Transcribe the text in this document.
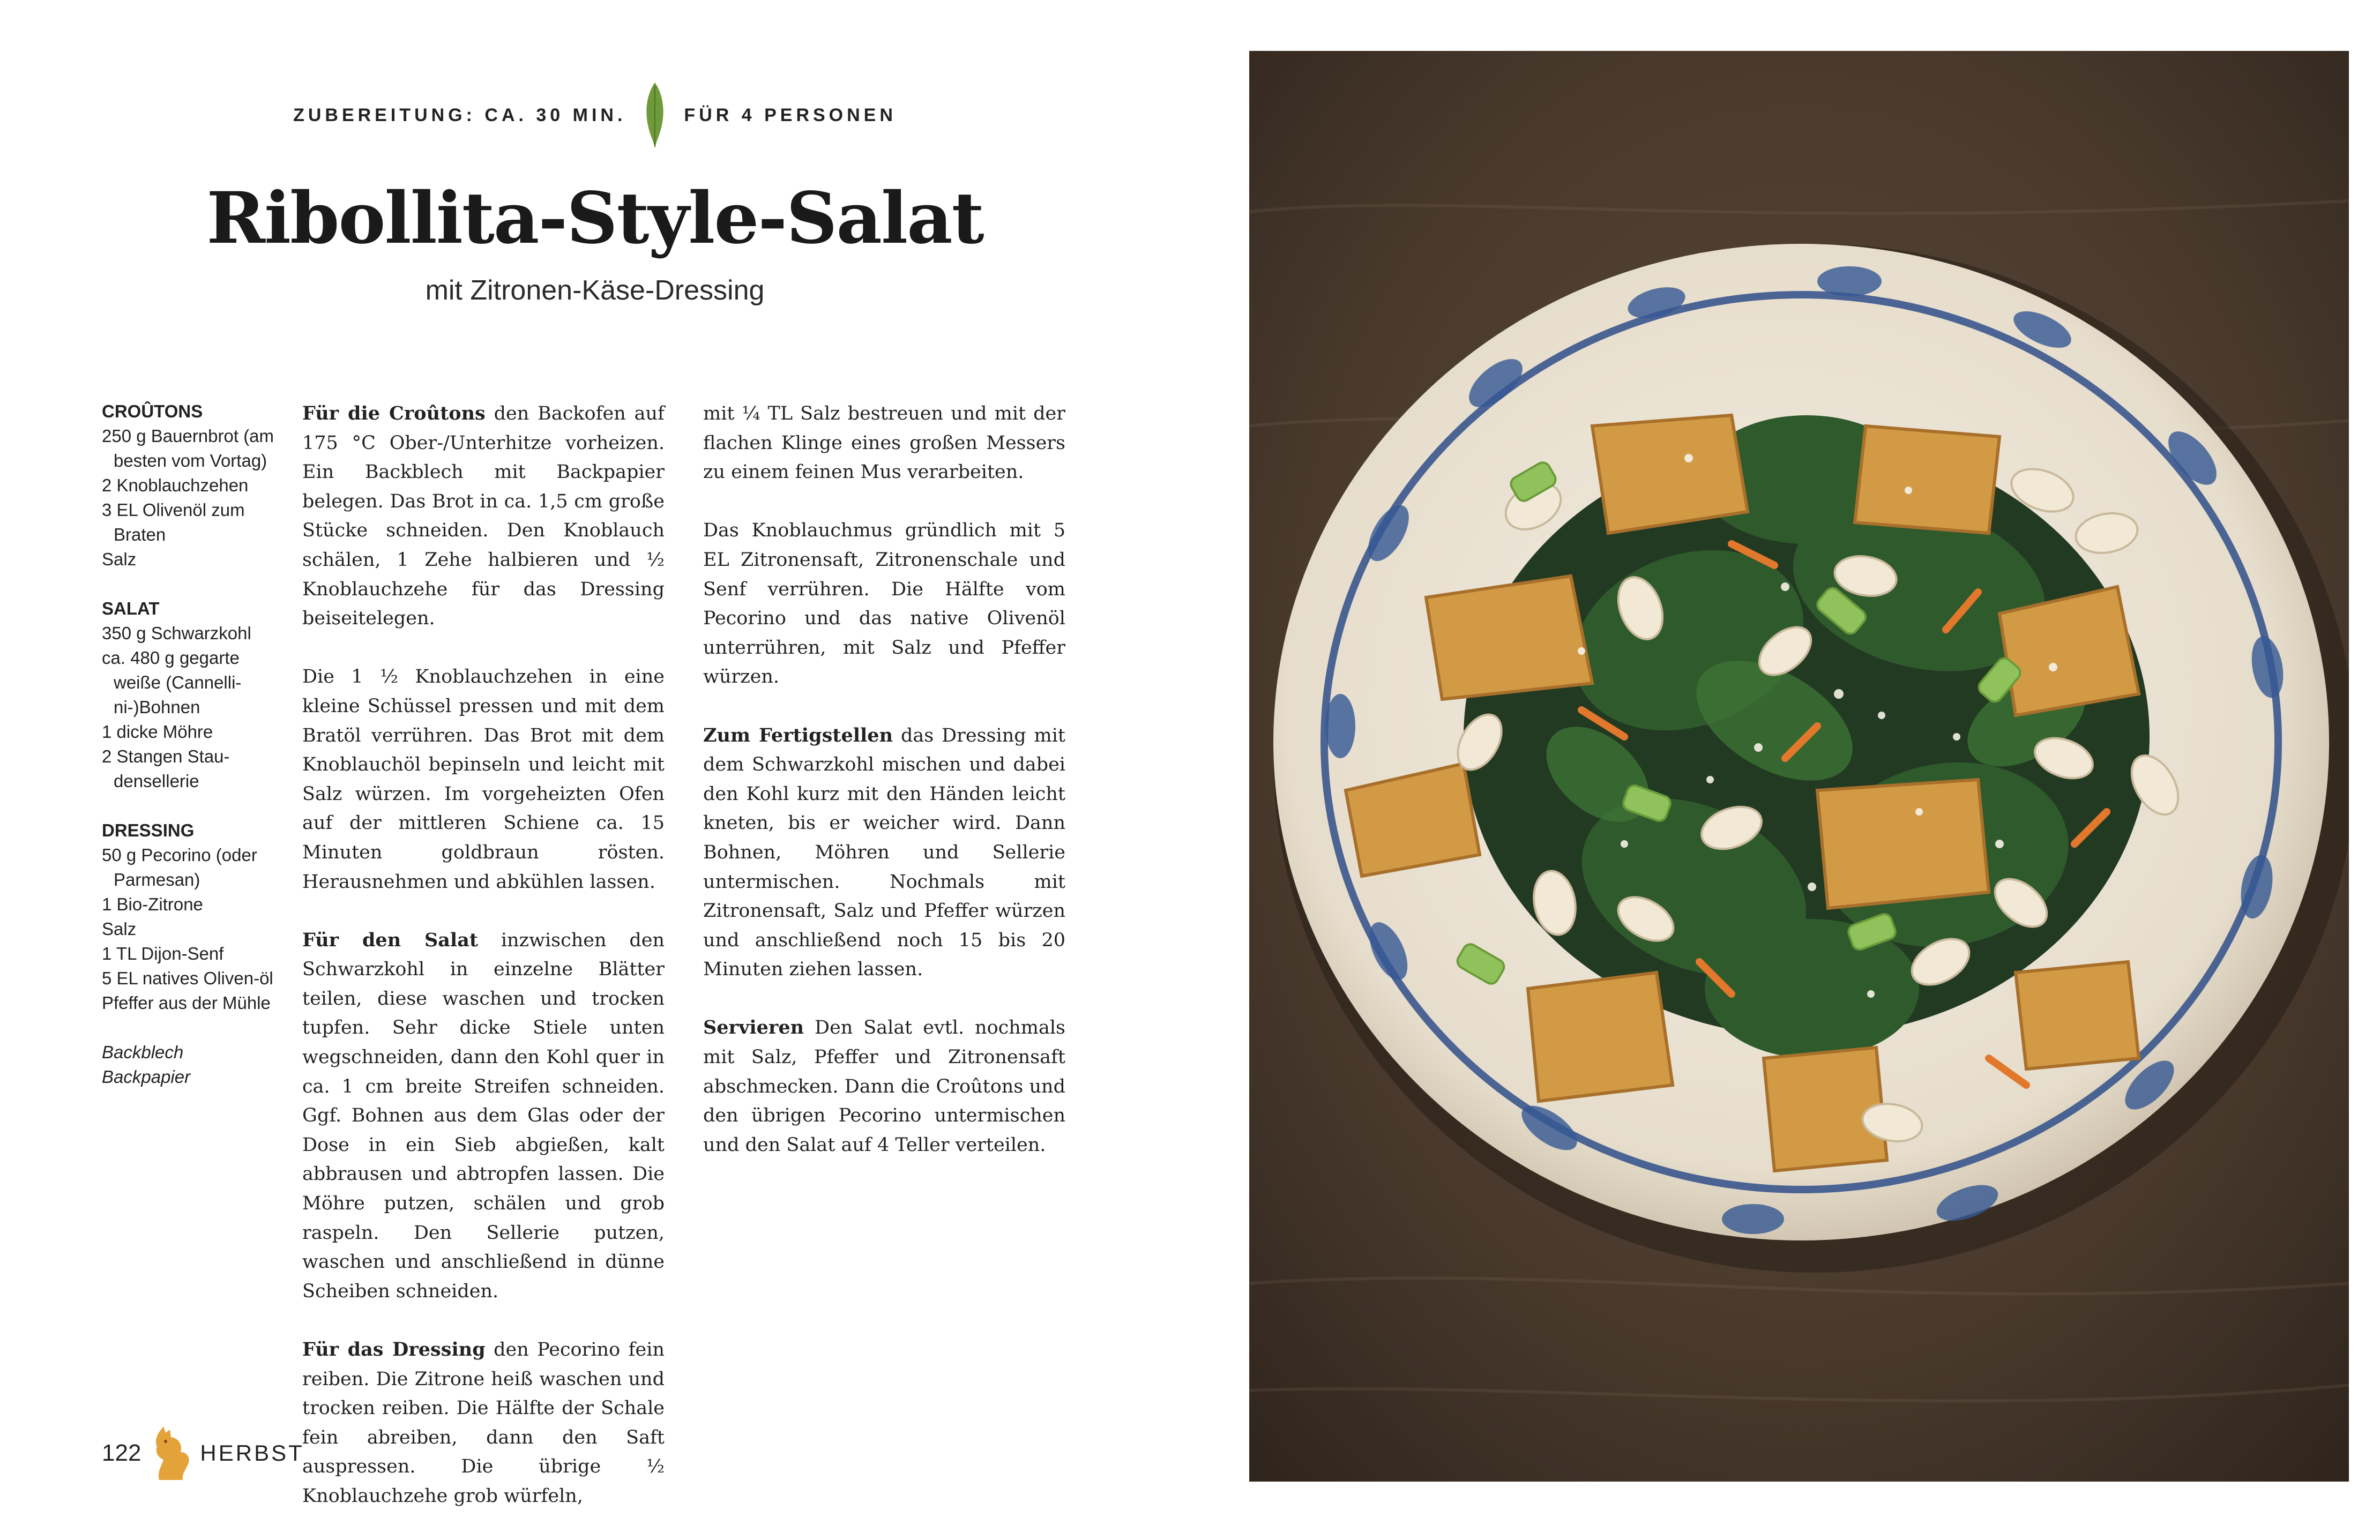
ZUBEREITUNG: CA. 30 MIN.	FÜR 4 PERSONEN
Ribollita-Style-Salat
mit Zitronen-Käse-Dressing
CROÛTONS
250 g Bauernbrot (am besten vom Vortag)
2 Knoblauchzehen
3 EL Olivenöl zum Braten
Salz
SALAT
350 g Schwarzkohl
ca. 480 g gegarte weiße (Cannelli-ni-)Bohnen
1 dicke Möhre
2 Stangen Stau-densellerie
DRESSING
50 g Pecorino (oder Parmesan)
1 Bio-Zitrone
Salz
1 TL Dijon-Senf
5 EL natives Oliven-öl
Pfeffer aus der Mühle
Backblech
Backpapier

Für die Croûtons den Backofen auf 175 °C Ober-/Unterhitze vorheizen. Ein Backblech mit Backpapier belegen. Das Brot in ca. 1,5 cm große Stücke schneiden. Den Knoblauch schälen, 1 Zehe halbieren und ½ Knoblauchzehe für das Dressing beiseitelegen.

Die 1 ½ Knoblauchzehen in eine kleine Schüssel pressen und mit dem Bratöl verrühren. Das Brot mit dem Knoblauchöl bepinseln und leicht mit Salz würzen. Im vorgeheizten Ofen auf der mittleren Schiene ca. 15 Minuten goldbraun rösten. Herausnehmen und abkühlen lassen.

Für den Salat inzwischen den Schwarzkohl in einzelne Blätter teilen, diese waschen und trocken tupfen. Sehr dicke Stiele unten wegschneiden, dann den Kohl quer in ca. 1 cm breite Streifen schneiden. Ggf. Bohnen aus dem Glas oder der Dose in ein Sieb abgießen, kalt abbrausen und abtropfen lassen. Die Möhre putzen, schälen und grob raspeln. Den Sellerie putzen, waschen und anschließend in dünne Scheiben schneiden.

Für das Dressing den Pecorino fein reiben. Die Zitrone heiß waschen und trocken reiben. Die Hälfte der Schale fein abreiben, dann den Saft auspressen. Die übrige ½ Knoblauchzehe grob würfeln,

mit ¼ TL Salz bestreuen und mit der flachen Klinge eines großen Messers zu einem feinen Mus verarbeiten.

Das Knoblauchmus gründlich mit 5 EL Zitronensaft, Zitronenschale und Senf verrühren. Die Hälfte vom Pecorino und das native Olivenöl unterrühren, mit Salz und Pfeffer würzen.

Zum Fertigstellen das Dressing mit dem Schwarzkohl mischen und dabei den Kohl kurz mit den Händen leicht kneten, bis er weicher wird. Dann Bohnen, Möhren und Sellerie untermischen. Nochmals mit Zitronensaft, Salz und Pfeffer würzen und anschließend noch 15 bis 20 Minuten ziehen lassen.

Servieren Den Salat evtl. nochmals mit Salz, Pfeffer und Zitronensaft abschmecken. Dann die Croûtons und den übrigen Pecorino untermischen und den Salat auf 4 Teller verteilen.

122	HERBST
